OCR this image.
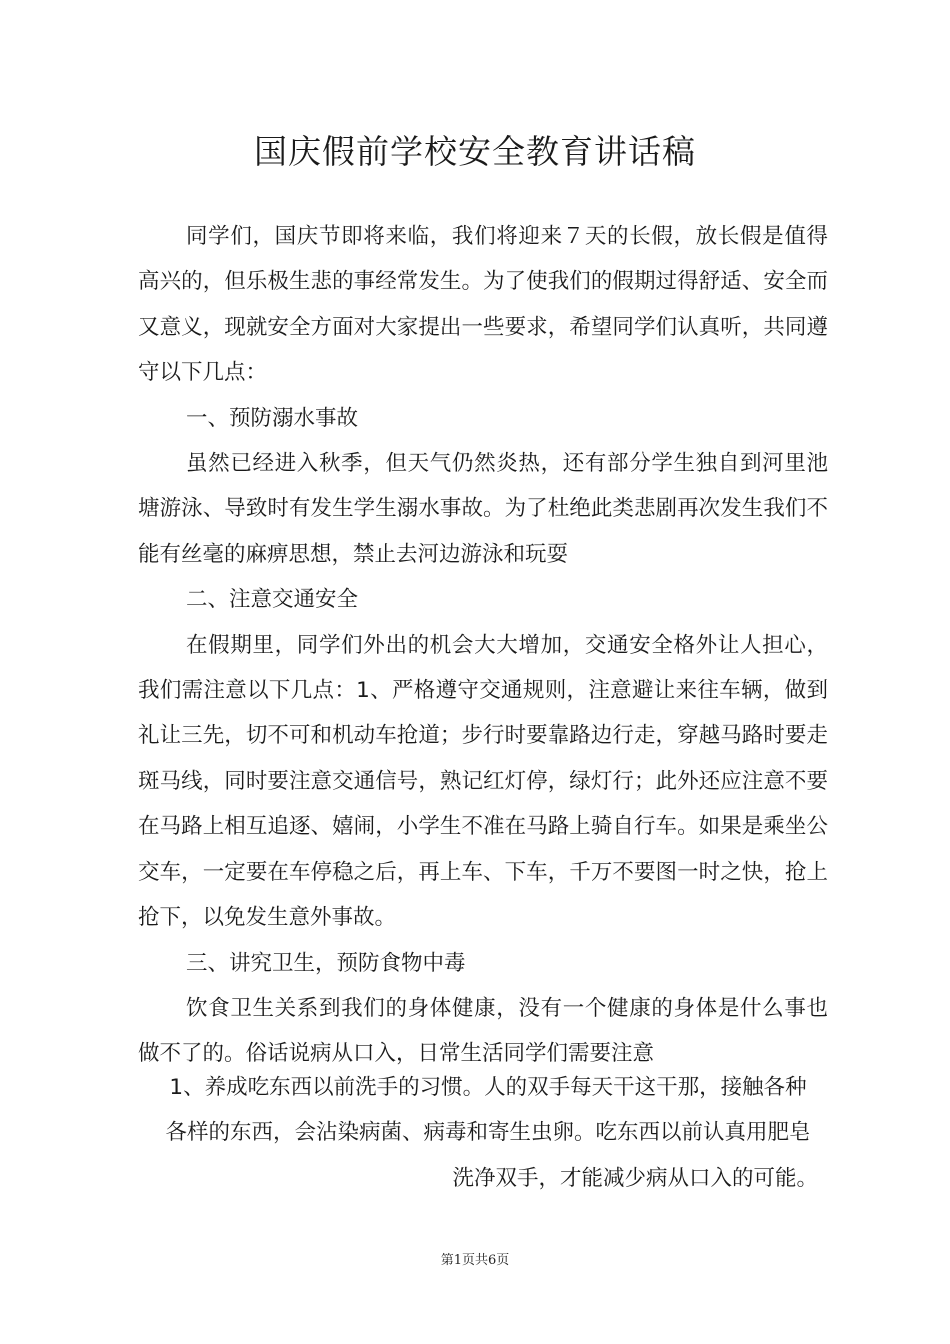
国庆假前学校安全教育讲话稿

同学们，国庆节即将来临，我们将迎来７天的长假，放长假是值得高兴的，但乐极生悲的事经常发生。为了使我们的假期过得舒适、安全而又意义，现就安全方面对大家提出一些要求，希望同学们认真听，共同遵守以下几点：

一、预防溺水事故

虽然已经进入秋季，但天气仍然炎热，还有部分学生独自到河里池塘游泳、导致时有发生学生溺水事故。为了杜绝此类悲剧再次发生我们不能有丝毫的麻痹思想，禁止去河边游泳和玩耍

二、注意交通安全

在假期里，同学们外出的机会大大增加，交通安全格外让人担心，我们需注意以下几点：1、严格遵守交通规则，注意避让来往车辆，做到礼让三先，切不可和机动车抢道；步行时要靠路边行走，穿越马路时要走斑马线，同时要注意交通信号，熟记红灯停，绿灯行；此外还应注意不要在马路上相互追逐、嬉闹，小学生不准在马路上骑自行车。如果是乘坐公交车，一定要在车停稳之后，再上车、下车，千万不要图一时之快，抢上抢下，以免发生意外事故。

三、讲究卫生，预防食物中毒

饮食卫生关系到我们的身体健康，没有一个健康的身体是什么事也做不了的。俗话说病从口入，日常生活同学们需要注意

1、养成吃东西以前洗手的习惯。人的双手每天干这干那，接触各种
各样的东西，会沾染病菌、病毒和寄生虫卵。吃东西以前认真用肥皂
洗净双手，才能减少病从口入的可能。
第1页共6页
